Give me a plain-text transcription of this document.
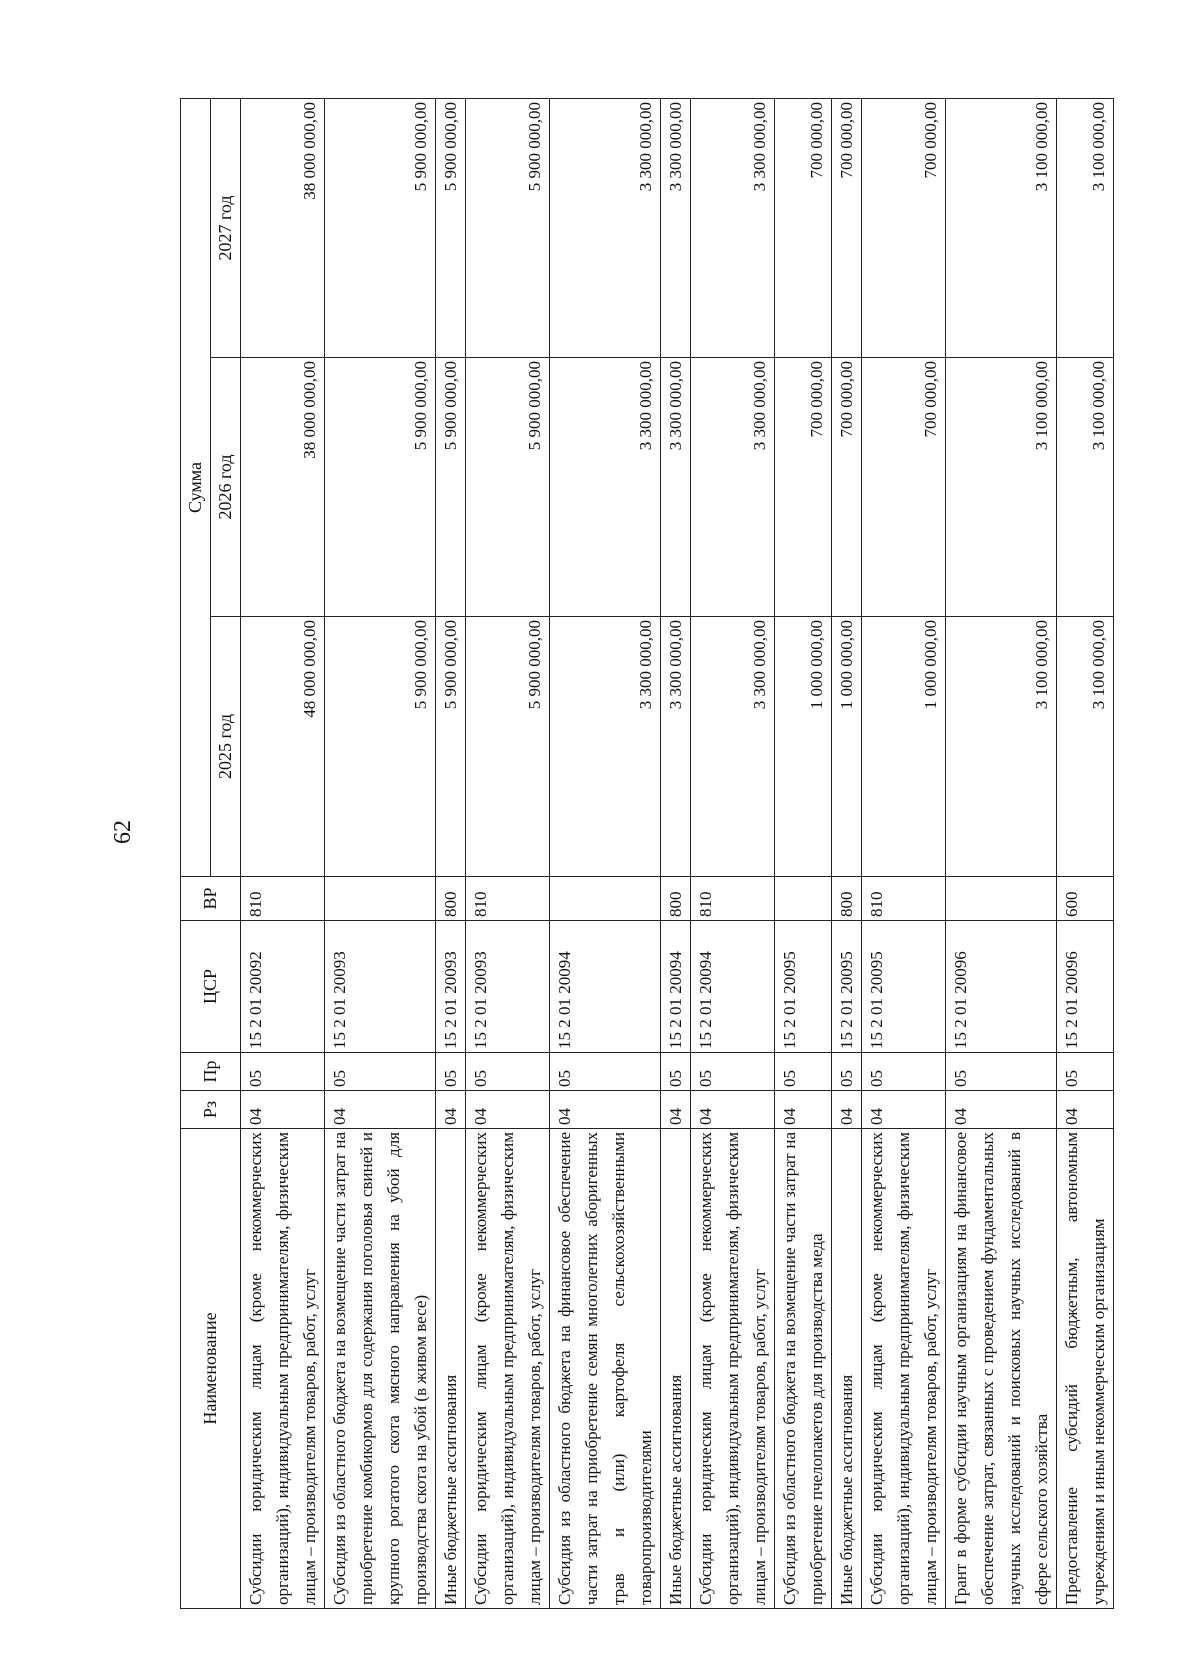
62
Наименование	Рз	Пр	ЦСР	ВР	Сумма		
					2025 год	2026 год	2027 год
Субсидии юридическим лицам (кроме некоммерческих организаций), индивидуальным предпринимателям, физическим лицам – производителям товаров, работ, услуг	04	05	15 2 01 20092	810	48 000 000,00	38 000 000,00	38 000 000,00
Субсидия из областного бюджета на возмещение части затрат на приобретение комбикормов для содержания поголовья свиней и крупного рогатого скота мясного направления на убой для производства скота на убой (в живом весе)	04	05	15 2 01 20093		5 900 000,00	5 900 000,00	5 900 000,00
Иные бюджетные ассигнования	04	05	15 2 01 20093	800	5 900 000,00	5 900 000,00	5 900 000,00
Субсидии юридическим лицам (кроме некоммерческих организаций), индивидуальным предпринимателям, физическим лицам – производителям товаров, работ, услуг	04	05	15 2 01 20093	810	5 900 000,00	5 900 000,00	5 900 000,00
Субсидия из областного бюджета на финансовое обеспечение части затрат на приобретение семян многолетних аборигенных трав и (или) картофеля сельскохозяйственными товаропроизводителями	04	05	15 2 01 20094		3 300 000,00	3 300 000,00	3 300 000,00
Иные бюджетные ассигнования	04	05	15 2 01 20094	800	3 300 000,00	3 300 000,00	3 300 000,00
Субсидии юридическим лицам (кроме некоммерческих организаций), индивидуальным предпринимателям, физическим лицам – производителям товаров, работ, услуг	04	05	15 2 01 20094	810	3 300 000,00	3 300 000,00	3 300 000,00
Субсидия из областного бюджета на возмещение части затрат на приобретение пчелопакетов для производства меда	04	05	15 2 01 20095		1 000 000,00	700 000,00	700 000,00
Иные бюджетные ассигнования	04	05	15 2 01 20095	800	1 000 000,00	700 000,00	700 000,00
Субсидии юридическим лицам (кроме некоммерческих организаций), индивидуальным предпринимателям, физическим лицам – производителям товаров, работ, услуг	04	05	15 2 01 20095	810	1 000 000,00	700 000,00	700 000,00
Грант в форме субсидии научным организациям на финансовое обеспечение затрат, связанных с проведением фундаментальных научных исследований и поисковых научных исследований в сфере сельского хозяйства	04	05	15 2 01 20096		3 100 000,00	3 100 000,00	3 100 000,00
Предоставление субсидий бюджетным, автономным учреждениям и иным некоммерческим организациям	04	05	15 2 01 20096	600	3 100 000,00	3 100 000,00	3 100 000,00
